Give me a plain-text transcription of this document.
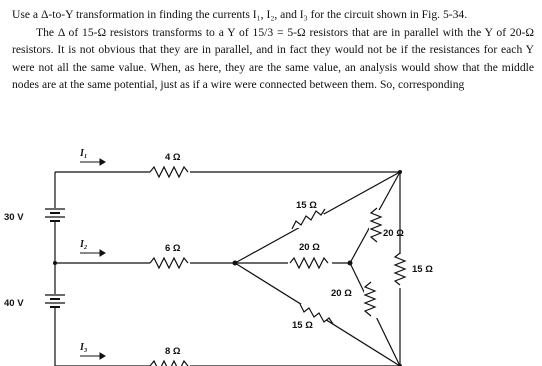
Use a Δ-to-Y transformation in finding the currents I₁, I₂, and I₃ for the circuit shown in Fig. 5-34.

The Δ of 15-Ω resistors transforms to a Y of 15/3 = 5-Ω resistors that are in parallel with the Y of 20-Ω resistors. It is not obvious that they are in parallel, and in fact they would not be if the resistances for each Y were not all the same value. When, as here, they are the same value, an analysis would show that the middle nodes are at the same potential, just as if a wire were connected between them. So, corresponding

30 V
40 V
I₁
I₂
I₃
4 Ω
6 Ω
8 Ω
15 Ω
15 Ω
15 Ω
20 Ω
20 Ω
20 Ω
